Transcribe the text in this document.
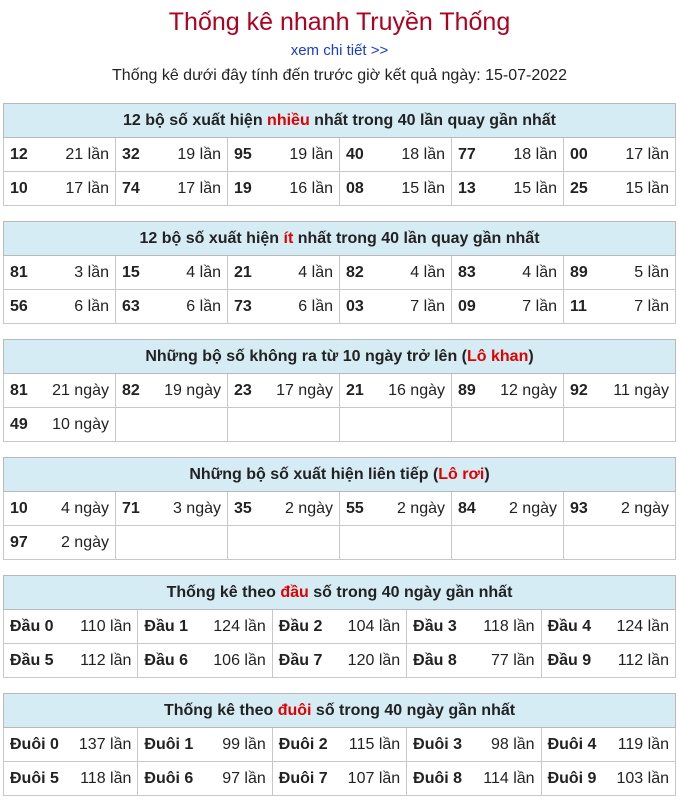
Thống kê nhanh Truyền Thống
xem chi tiết >>
Thống kê dưới đây tính đến trước giờ kết quả ngày: 15-07-2022
12 bộ số xuất hiện nhiều nhất trong 40 lần quay gần nhất					
12 21 lần	32 19 lần	95 19 lần	40 18 lần	77 18 lần	00 17 lần

10 17 lần	74 17 lần	19 16 lần	08 15 lần	13 15 lần	25 15 lần
12 bộ số xuất hiện ít nhất trong 40 lần quay gần nhất					
81 3 lần	15 4 lần	21 4 lần	82 4 lần	83 4 lần	89 5 lần

56 6 lần	63 6 lần	73 6 lần	03 7 lần	09 7 lần	11 7 lần
Những bộ số không ra từ 10 ngày trở lên (Lô khan)					
81 21 ngày	82 19 ngày	23 17 ngày	21 16 ngày	89 12 ngày	92 11 ngày

49 10 ngày					

Những bộ số xuất hiện liên tiếp (Lô rơi)					
10 4 ngày	71 3 ngày	35 2 ngày	55 2 ngày	84 2 ngày	93 2 ngày

97 2 ngày					

Thống kê theo đầu số trong 40 ngày gần nhất				
Đầu 0 110 lần	Đầu 1 124 lần	Đầu 2 104 lần	Đầu 3 118 lần	Đầu 4 124 lần

Đầu 5 112 lần	Đầu 6 106 lần	Đầu 7 120 lần	Đầu 8 77 lần	Đầu 9 112 lần
Thống kê theo đuôi số trong 40 ngày gần nhất				
Đuôi 0 137 lần	Đuôi 1 99 lần	Đuôi 2 115 lần	Đuôi 3 98 lần	Đuôi 4 119 lần

Đuôi 5 118 lần	Đuôi 6 97 lần	Đuôi 7 107 lần	Đuôi 8 114 lần	Đuôi 9 103 lần
